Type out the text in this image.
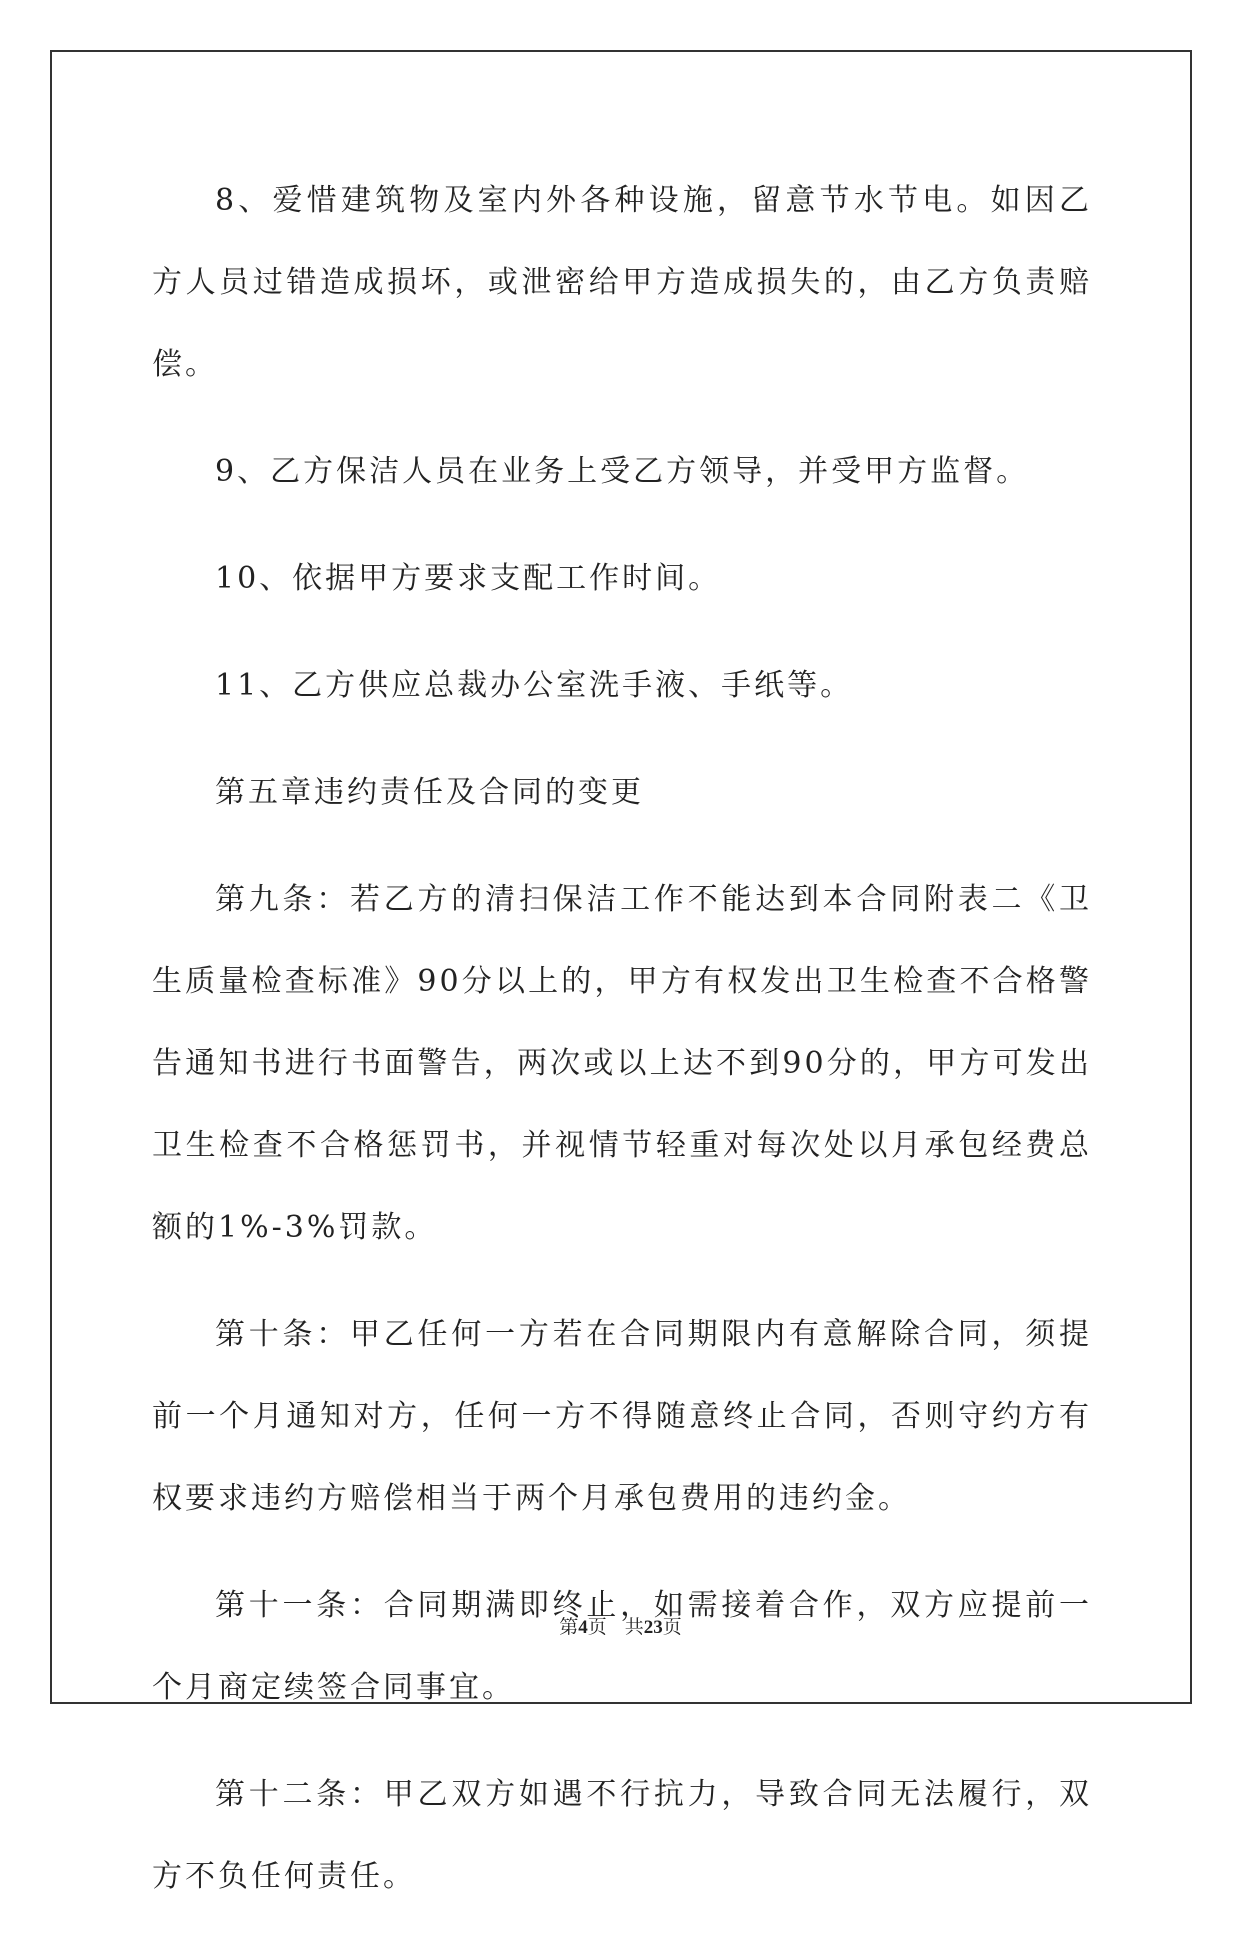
8、爱惜建筑物及室内外各种设施，留意节水节电。如因乙方人员过错造成损坏，或泄密给甲方造成损失的，由乙方负责赔偿。

9、乙方保洁人员在业务上受乙方领导，并受甲方监督。

10、依据甲方要求支配工作时间。

11、乙方供应总裁办公室洗手液、手纸等。

第五章违约责任及合同的变更

第九条：若乙方的清扫保洁工作不能达到本合同附表二《卫生质量检查标准》90分以上的，甲方有权发出卫生检查不合格警告通知书进行书面警告，两次或以上达不到90分的，甲方可发出卫生检查不合格惩罚书，并视情节轻重对每次处以月承包经费总额的1%-3%罚款。

第十条：甲乙任何一方若在合同期限内有意解除合同，须提前一个月通知对方，任何一方不得随意终止合同，否则守约方有权要求违约方赔偿相当于两个月承包费用的违约金。

第十一条：合同期满即终止，如需接着合作，双方应提前一个月商定续签合同事宜。

第十二条：甲乙双方如遇不行抗力，导致合同无法履行，双方不负任何责任。

第4页 共23页
